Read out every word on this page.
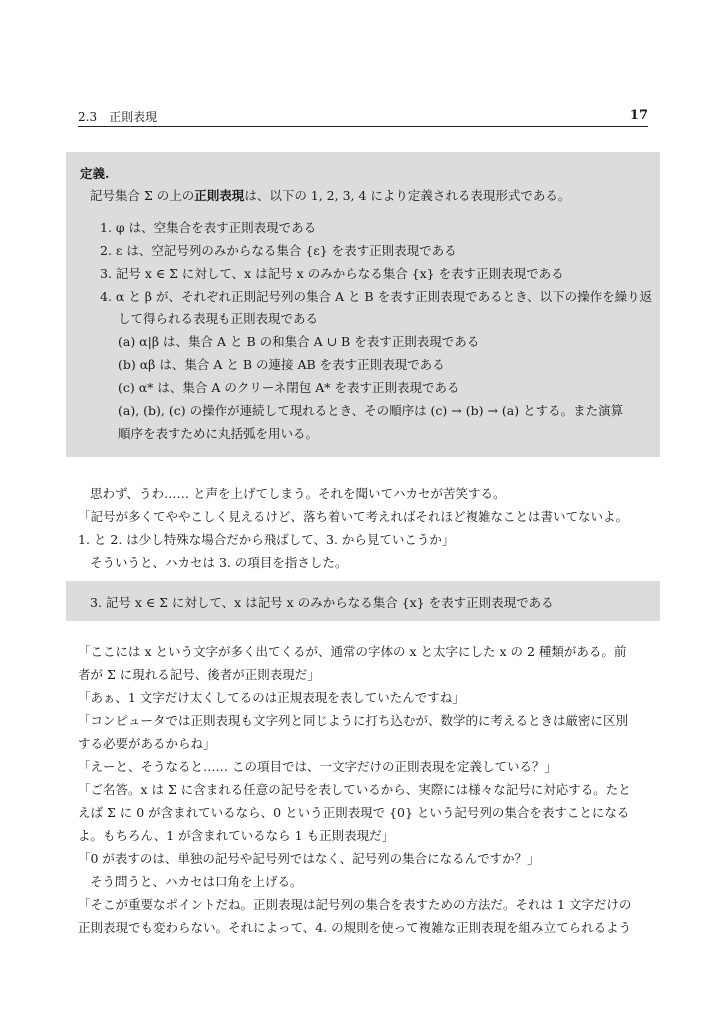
2.3　正則表現	17
定義.
記号集合 Σ の上の正則表現は、以下の 1, 2, 3, 4 により定義される表現形式である。
1. φ は、空集合を表す正則表現である
2. ε は、空記号列のみからなる集合 {ε} を表す正則表現である
3. 記号 x ∈ Σ に対して、x は記号 x のみからなる集合 {x} を表す正則表現である
4. α と β が、それぞれ正則記号列の集合 A と B を表す正則表現であるとき、以下の操作を繰り返
して得られる表現も正則表現である
(a) α|β は、集合 A と B の和集合 A ∪ B を表す正則表現である
(b) αβ は、集合 A と B の連接 AB を表す正則表現である
(c) α* は、集合 A のクリーネ閉包 A* を表す正則表現である
(a), (b), (c) の操作が連続して現れるとき、その順序は (c) → (b) → (a) とする。また演算
順序を表すために丸括弧を用いる。
思わず、うわ…… と声を上げてしまう。それを聞いてハカセが苦笑する。
「記号が多くてややこしく見えるけど、落ち着いて考えればそれほど複雑なことは書いてないよ。
1. と 2. は少し特殊な場合だから飛ばして、3. から見ていこうか」
そういうと、ハカセは 3. の項目を指さした。
3. 記号 x ∈ Σ に対して、x は記号 x のみからなる集合 {x} を表す正則表現である
「ここには x という文字が多く出てくるが、通常の字体の x と太字にした x の 2 種類がある。前
者が Σ に現れる記号、後者が正則表現だ」
「あぁ、1 文字だけ太くしてるのは正規表現を表していたんですね」
「コンピュータでは正則表現も文字列と同じように打ち込むが、数学的に考えるときは厳密に区別
する必要があるからね」
「えーと、そうなると…… この項目では、一文字だけの正則表現を定義している？」
「ご名答。x は Σ に含まれる任意の記号を表しているから、実際には様々な記号に対応する。たと
えば Σ に 0 が含まれているなら、0 という正則表現で {0} という記号列の集合を表すことになる
よ。もちろん、1 が含まれているなら 1 も正則表現だ」
「0 が表すのは、単独の記号や記号列ではなく、記号列の集合になるんですか？」
そう問うと、ハカセは口角を上げる。
「そこが重要なポイントだね。正則表現は記号列の集合を表すための方法だ。それは 1 文字だけの
正則表現でも変わらない。それによって、4. の規則を使って複雑な正則表現を組み立てられるよう
